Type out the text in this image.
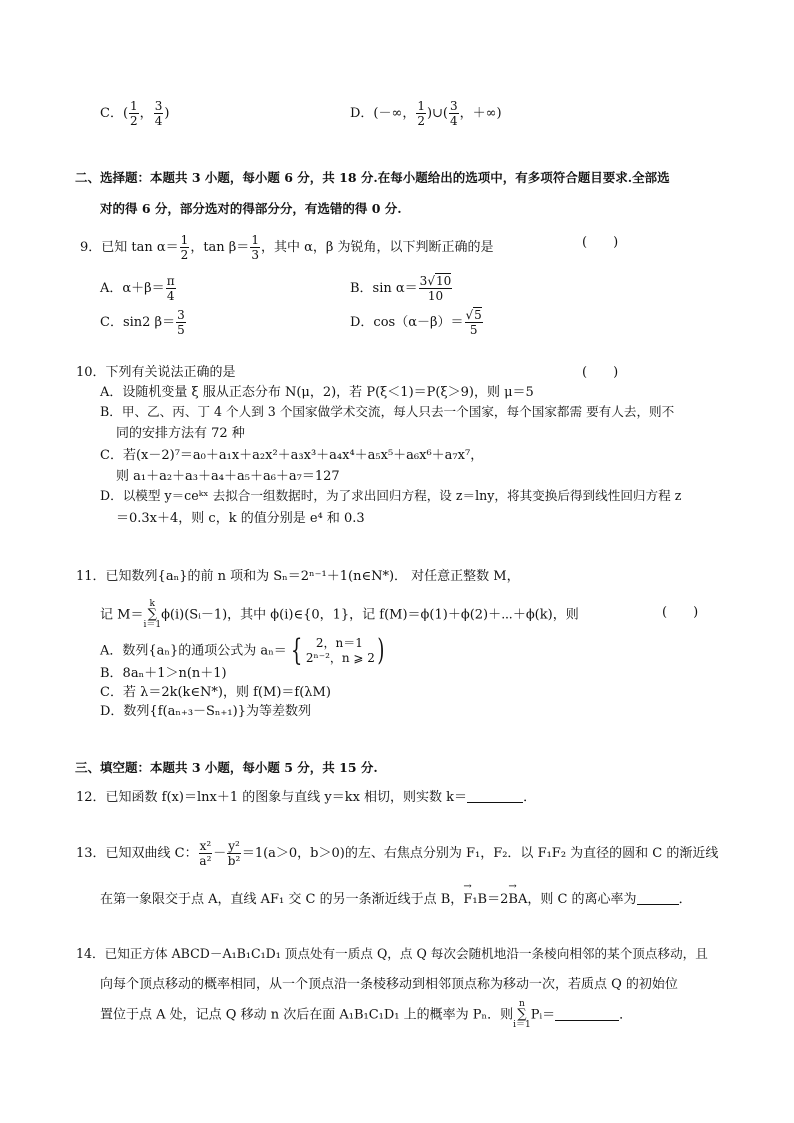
C．( $\frac{1}{2}$ ， $\frac{3}{4}$ )	D．(－∞， $\frac{1}{2}$ )∪( $\frac{3}{4}$ ，＋∞)
二、选择题：本题共 3 小题，每小题 6 分，共 18 分.在每小题给出的选项中，有多项符合题目要求.全部选
对的得 6 分，部分选对的得部分分，有选错的得 0 分.
9．已知 $\tan \alpha= \frac{1}{2}$ ，$\tan \beta= \frac{1}{3}$ ，其中 α，β 为锐角，以下判断正确的是	(　　)
A．$\alpha+\beta= \frac{\pi}{4}$	B．$\sin \alpha= \frac{3√10}{10}$
C．sin2 $\beta= \frac{3}{5}$	D．$\cos(\alpha-\beta)= \frac{√5}{5}$
10．下列有关说法正确的是	(　　)
A．设随机变量 ξ 服从正态分布 N(μ，2)，若 P(ξ＜1)＝P(ξ＞9)，则 μ＝5
B．甲、乙、丙、丁 4 个人到 3 个国家做学术交流，每人只去一个国家，每个国家都需 要有人去，则不
同的安排方法有 72 种
C．若(x－2)⁷＝a₀＋a₁x＋a₂x²＋a₃x³＋a₄x⁴＋a₅x⁵＋a₆x⁶＋a₇x⁷，
则 a₁＋a₂＋a₃＋a₄＋a₅＋a₆＋a₇＝127
D．以模型 y＝ceᵏˣ 去拟合一组数据时，为了求出回归方程，设 z＝lny，将其变换后得到线性回归方程 z
＝0.3x＋4，则 c，k 的值分别是 e⁴ 和 0.3
11．已知数列{aₙ}的前 n 项和为 Sₙ＝2ⁿ⁻¹＋1(n∈N*)． 对任意正整数 M，
记 M＝
k
∑
i＝1
ϕ(i)(Sᵢ－1)，其中 ϕ(i)∈{0，1}，记 f(M)＝ϕ(1)＋ϕ(2)＋⋯＋ϕ(k)，则	(　　)
A．数列{aₙ}的通项公式为 aₙ＝ {	2，n＝1
2ⁿ⁻²，n ⩾ 2 )
B．8aₙ＋1＞n(n＋1)
C．若 λ＝2k(k∈N*)，则 f(M)＝f(λM)
D．数列{f(aₙ₊₃－Sₙ₊₁)}为等差数列
三、填空题：本题共 3 小题，每小题 5 分，共 15 分.
12．已知函数 f(x)＝lnx＋1 的图象与直线 y＝kx 相切，则实数 k＝	．
13．已知双曲线 C： $\frac{\text{x²}}{\text{a²}} - \frac{\text{y²}}{\text{b²}} =1(a>0$，b＞0)的左、右焦点分别为 F₁，F₂．以 F₁F₂ 为直径的圆和 C 的渐近线
在第一象限交于点 A，直线 AF₁ 交 C 的另一条渐近线于点 B，→ F₁B＝2→ BA，则 C 的离心率为	．
14．已知正方体 ABCD－A₁B₁C₁D₁ 顶点处有一质点 Q，点 Q 每次会随机地沿一条棱向相邻的某个顶点移动，且
向每个顶点移动的概率相同，从一个顶点沿一条棱移动到相邻顶点称为移动一次，若质点 Q 的初始位
置位于点 A 处，记点 Q 移动 n 次后在面 A₁B₁C₁D₁ 上的概率为 Pₙ．则
n
∑
i＝1
Pᵢ＝	．
